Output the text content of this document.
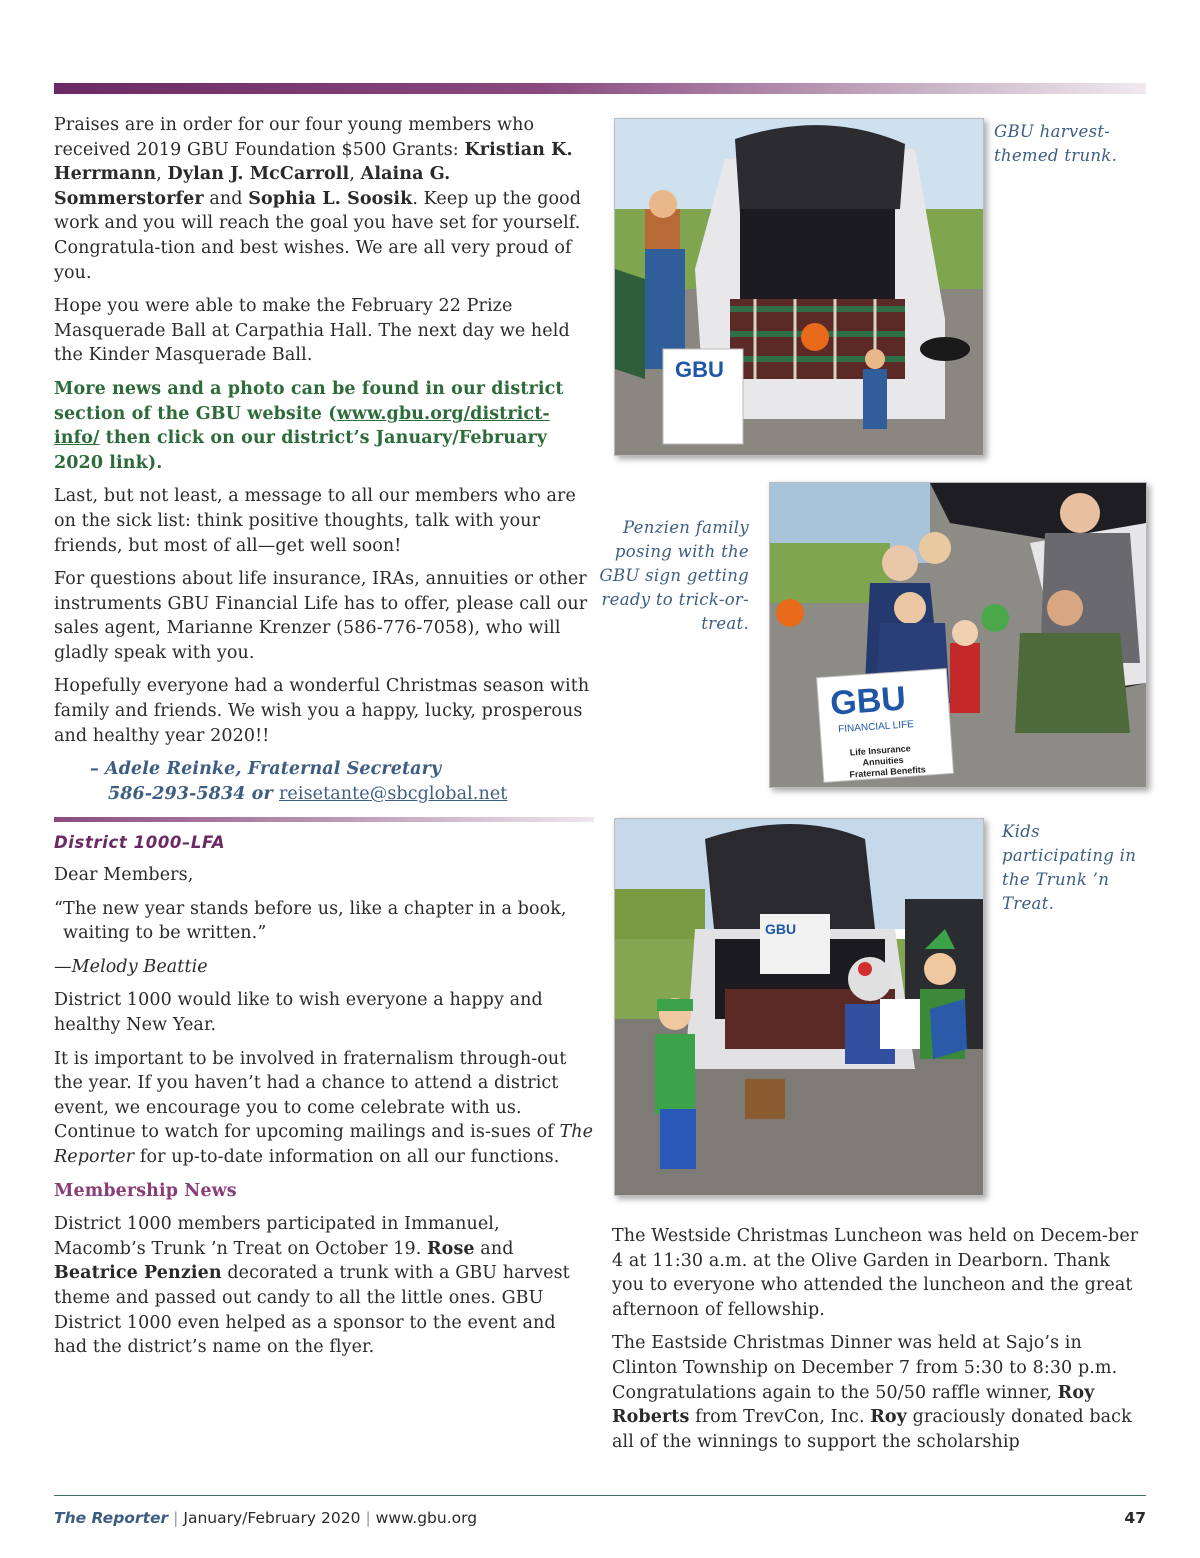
Praises are in order for our four young members who received 2019 GBU Foundation $500 Grants: Kristian K. Herrmann, Dylan J. McCarroll, Alaina G. Sommerstorfer and Sophia L. Soosik. Keep up the good work and you will reach the goal you have set for yourself. Congratula-tion and best wishes. We are all very proud of you.

Hope you were able to make the February 22 Prize Masquerade Ball at Carpathia Hall. The next day we held the Kinder Masquerade Ball.

More news and a photo can be found in our district section of the GBU website (www.gbu.org/district-info/ then click on our district’s January/February 2020 link).

Last, but not least, a message to all our members who are on the sick list: think positive thoughts, talk with your friends, but most of all—get well soon!

For questions about life insurance, IRAs, annuities or other instruments GBU Financial Life has to offer, please call our sales agent, Marianne Krenzer (586-776-7058), who will gladly speak with you.

Hopefully everyone had a wonderful Christmas season with family and friends. We wish you a happy, lucky, prosperous and healthy year 2020!!

– Adele Reinke, Fraternal Secretary
586-293-5834 or reisetante@sbcglobal.net

District 1000–LFA

Dear Members,

“The new year stands before us, like a chapter in a book, waiting to be written.”

—Melody Beattie

District 1000 would like to wish everyone a happy and healthy New Year.

It is important to be involved in fraternalism through-out the year. If you haven’t had a chance to attend a district event, we encourage you to come celebrate with us. Continue to watch for upcoming mailings and is-sues of The Reporter for up-to-date information on all our functions.

Membership News

District 1000 members participated in Immanuel, Macomb’s Trunk ’n Treat on October 19. Rose and Beatrice Penzien decorated a trunk with a GBU harvest theme and passed out candy to all the little ones. GBU District 1000 even helped as a sponsor to the event and had the district’s name on the flyer.

GBU
GBU harvest-themed trunk.
GBU
FINANCIAL LIFE
Life Insurance
Annuities
Fraternal Benefits
Penzien family posing with the GBU sign getting ready to trick-or-treat.
GBU
Kids participating in the Trunk ’n Treat.

The Westside Christmas Luncheon was held on Decem-ber 4 at 11:30 a.m. at the Olive Garden in Dearborn. Thank you to everyone who attended the luncheon and the great afternoon of fellowship.

The Eastside Christmas Dinner was held at Sajo’s in Clinton Township on December 7 from 5:30 to 8:30 p.m. Congratulations again to the 50/50 raffle winner, Roy Roberts from TrevCon, Inc. Roy graciously donated back all of the winnings to support the scholarship

The Reporter | January/February 2020 | www.gbu.org	47
